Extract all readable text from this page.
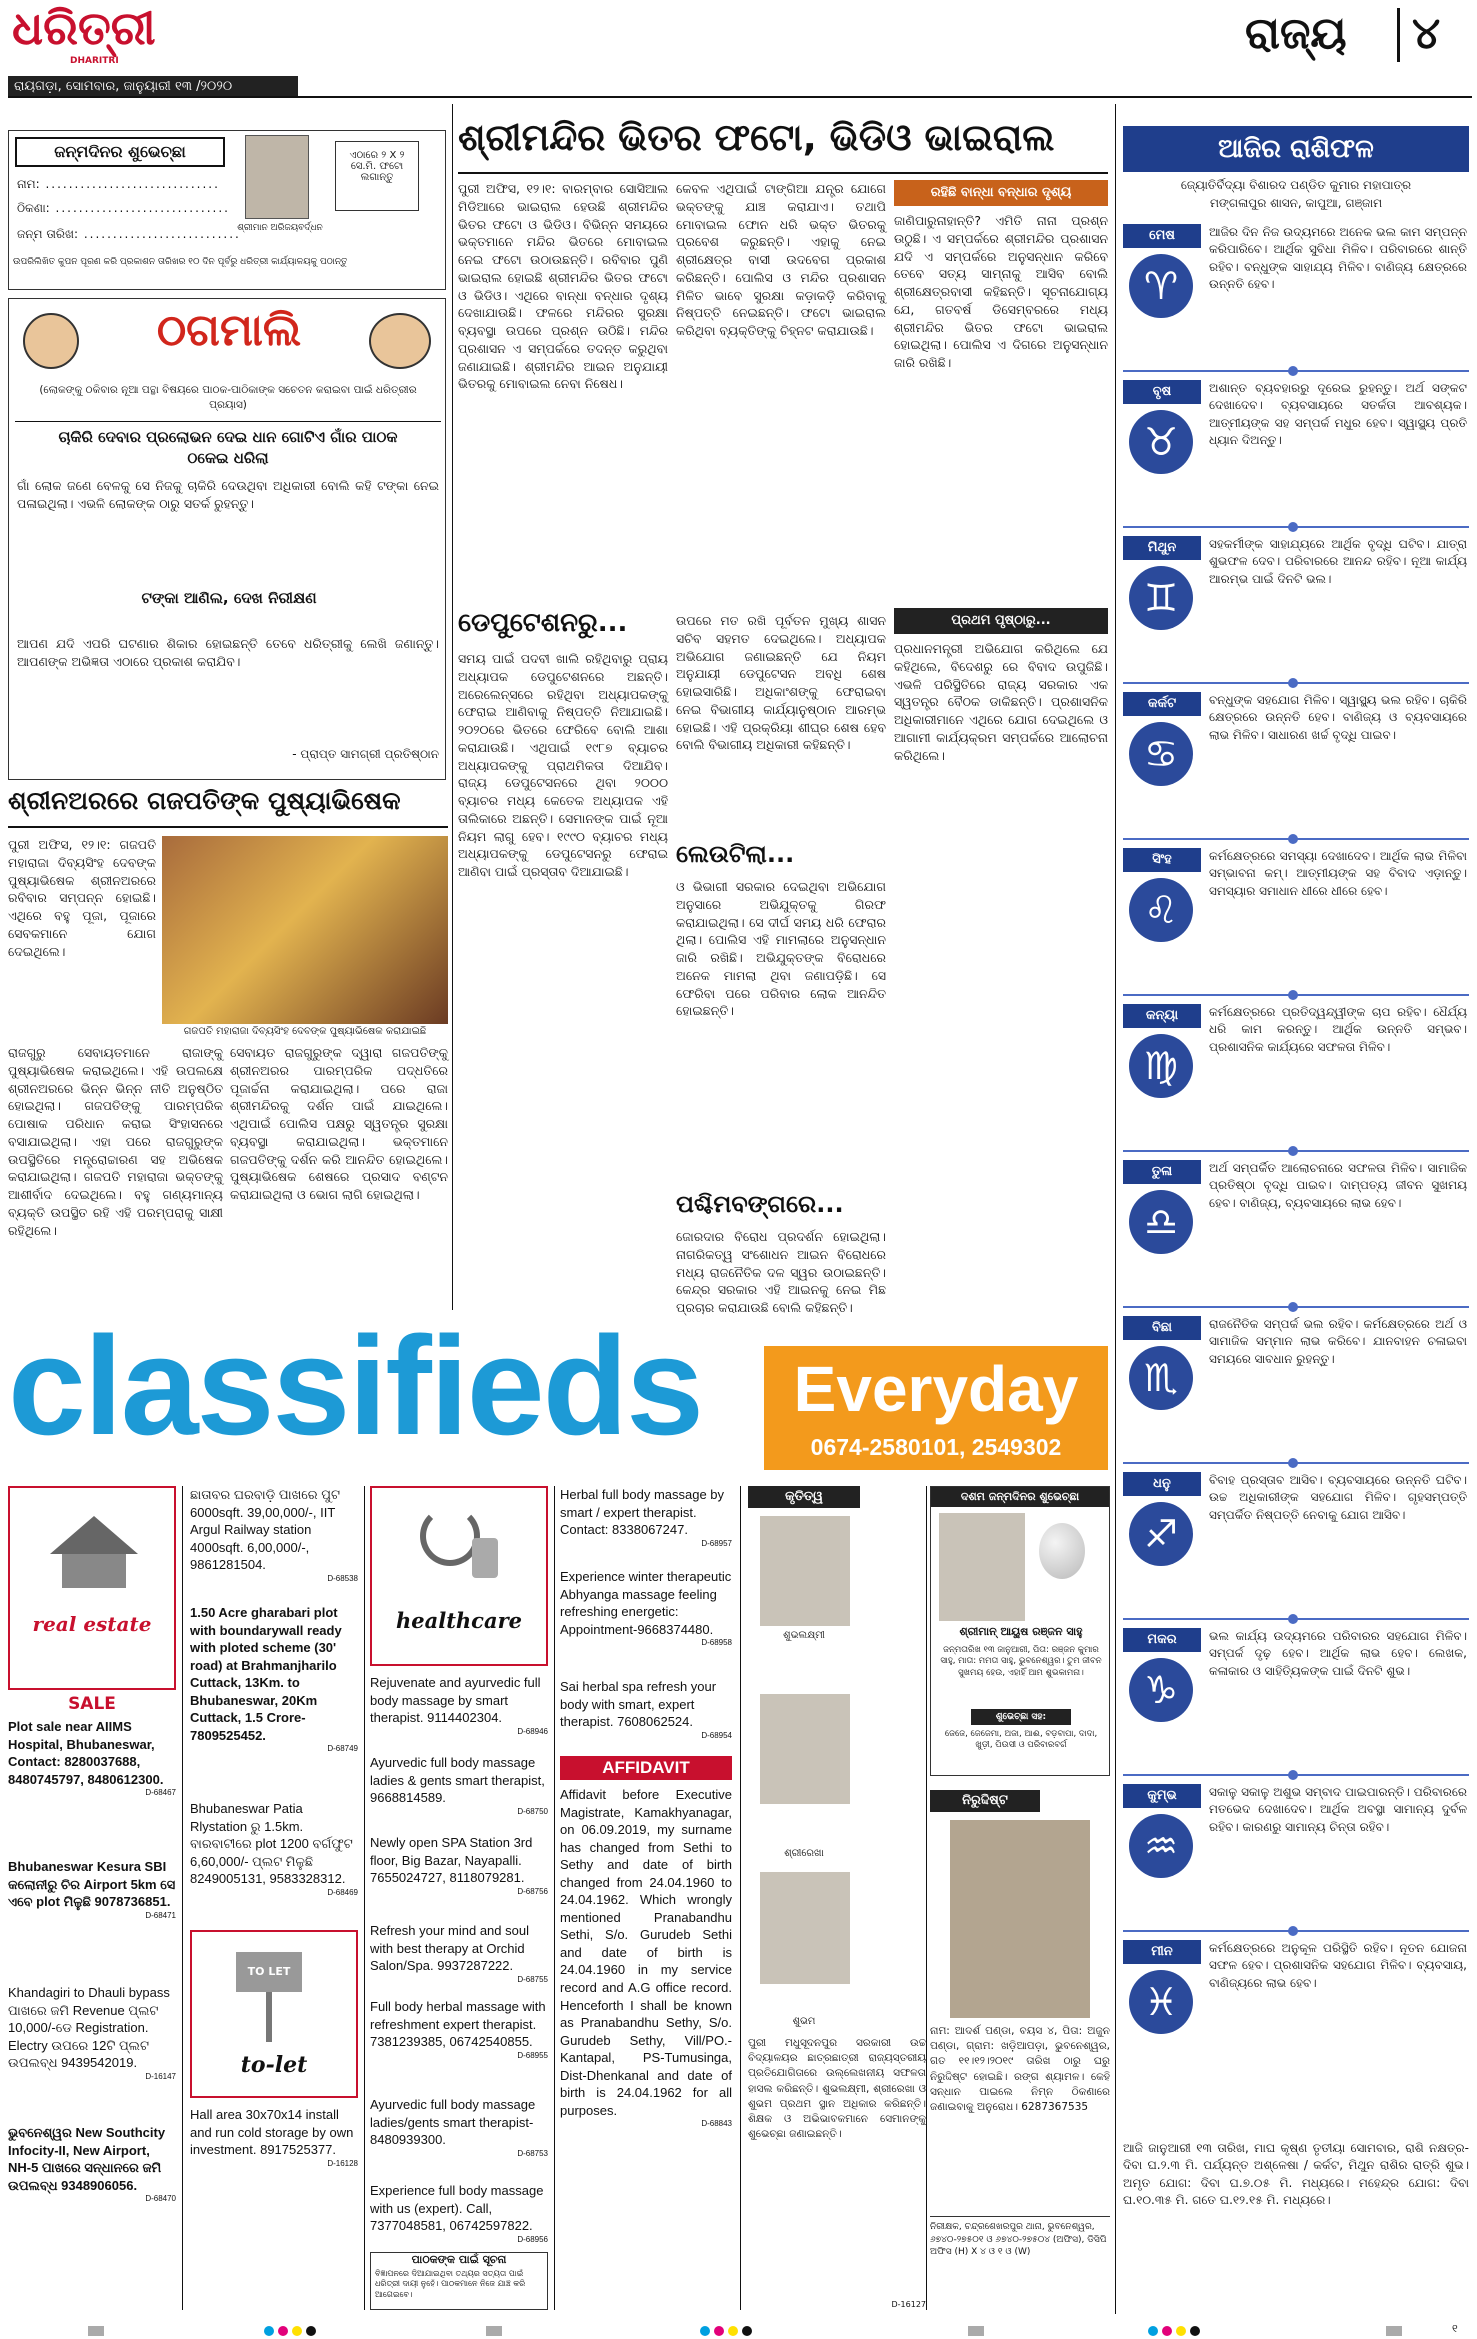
ଧରିତ୍ରୀ
DHARITRI
ରାୟଗଡ଼ା, ସୋମବାର, ଜାନୁୟାରୀ ୧୩ /୨୦୨୦
ରାଜ୍ୟ ୪
ଜନ୍ମଦିନର ଶୁଭେଚ୍ଛା
ଶ୍ରୀମାନ ଅରିଜୟବର୍ଦ୍ଧନ
ଏଠାରେ ୨ X ୨ ସେ.ମି. ଫଟୋ ଲଗାନ୍ତୁ
ନାମ: ..............................
ଠିକଣା: ..............................
ଜନ୍ମ ତାରିଖ: ...........................
ଉପରିଲିଖିତ କୁପନ ପୂରଣ କରି ପ୍ରକାଶନ ତାରିଖର ୧୦ ଦିନ ପୂର୍ବରୁ ଧରିତ୍ରୀ କାର୍ଯ୍ୟାଳୟକୁ ପଠାନ୍ତୁ
ଠଗମାଲି
(ଲୋକଙ୍କୁ ଠକିବାର ନୂଆ ପନ୍ଥା ବିଷୟରେ ପାଠକ-ପାଠିକାଙ୍କ ସଚେତନ କରାଇବା ପାଇଁ ଧରିତ୍ରୀର ପ୍ରୟାସ)
ଚାକିରି ଦେବାର ପ୍ରଲୋଭନ ଦେଇ ଧାନ ଗୋଟିଏ ଗାଁର ପାଠକ ଠକେଇ ଧରିଲା
ଗାଁ ଲୋକ ଜଣେ ବେଳକୁ ସେ ନିଜକୁ ଚାକିରି ଦେଉଥିବା ଅଧିକାରୀ ବୋଲି କହି ଟଙ୍କା ନେଇ ପଳାଇଥିଲା। ଏଭଳି ଲୋକଙ୍କ ଠାରୁ ସତର୍କ ରୁହନ୍ତୁ।
ଟଙ୍କା ଆଣିଲ, ଦେଖ ନିରୀକ୍ଷଣ
ଆପଣ ଯଦି ଏପରି ଘଟଣାର ଶିକାର ହୋଇଛନ୍ତି ତେବେ ଧରିତ୍ରୀକୁ ଲେଖି ଜଣାନ୍ତୁ। ଆପଣଙ୍କ ଅଭିଜ୍ଞତା ଏଠାରେ ପ୍ରକାଶ କରାଯିବ।
- ପ୍ରାପ୍ତ ସାମଗ୍ରୀ ପ୍ରତିଷ୍ଠାନ
ଶ୍ରୀନଅରରେ ଗଜପତିଙ୍କ ପୁଷ୍ୟାଭିଷେକ
ପୁରୀ ଅଫିସ, ୧୨।୧: ଗଜପତି ମହାରାଜା ଦିବ୍ୟସିଂହ ଦେବଙ୍କ ପୁଷ୍ୟାଭିଷେକ ଶ୍ରୀନଅରରେ ରବିବାର ସମ୍ପନ୍ନ ହୋଇଛି। ଏଥିରେ ବହୁ ପୂଜା, ପୂଜାରେ ସେବକମାନେ ଯୋଗ ଦେଇଥିଲେ।
ଗଜପତି ମହାରାଜା ଦିବ୍ୟସିଂହ ଦେବଙ୍କ ପୁଷ୍ୟାଭିଷେକ କରାଯାଇଛି
ରାଜଗୁରୁ ସେବାୟତମାନେ ରାଜାଙ୍କୁ ପୁଷ୍ୟାଭିଷେକ କରାଇଥିଲେ। ଏହି ଉପଲକ୍ଷେ ଶ୍ରୀନଅରରେ ଭିନ୍ନ ଭିନ୍ନ ନୀତି ଅନୁଷ୍ଠିତ ହୋଇଥିଲା। ଗଜପତିଙ୍କୁ ପାରମ୍ପରିକ ପୋଷାକ ପରିଧାନ କରାଇ ସିଂହାସନରେ ବସାଯାଇଥିଲା। ଏହା ପରେ ରାଜଗୁରୁଙ୍କ ଉପସ୍ଥିତିରେ ମନ୍ତ୍ରୋଚ୍ଚାରଣ ସହ ଅଭିଷେକ କରାଯାଇଥିଲା। ଗଜପତି ମହାରାଜା ଭକ୍ତଙ୍କୁ ଆଶୀର୍ବାଦ ଦେଇଥିଲେ। ବହୁ ଗଣ୍ୟମାନ୍ୟ ବ୍ୟକ୍ତି ଉପସ୍ଥିତ ରହି ଏହି ପରମ୍ପରାକୁ ସାକ୍ଷୀ ରହିଥିଲେ।
ସେବାୟତ ରାଜଗୁରୁଙ୍କ ଦ୍ୱାରା ଗଜପତିଙ୍କୁ ଶ୍ରୀନଅରର ପାରମ୍ପରିକ ପଦ୍ଧତିରେ ପୂଜାର୍ଚ୍ଚନା କରାଯାଇଥିଲା। ପରେ ରାଜା ଶ୍ରୀମନ୍ଦିରକୁ ଦର୍ଶନ ପାଇଁ ଯାଇଥିଲେ। ଏଥିପାଇଁ ପୋଲିସ ପକ୍ଷରୁ ସ୍ୱତନ୍ତ୍ର ସୁରକ୍ଷା ବ୍ୟବସ୍ଥା କରାଯାଇଥିଲା। ଭକ୍ତମାନେ ଗଜପତିଙ୍କୁ ଦର୍ଶନ କରି ଆନନ୍ଦିତ ହୋଇଥିଲେ। ପୁଷ୍ୟାଭିଷେକ ଶେଷରେ ପ୍ରସାଦ ବଣ୍ଟନ କରାଯାଇଥିଲା ଓ ଭୋଗ ଲାଗି ହୋଇଥିଲା।
ଶ୍ରୀମନ୍ଦିର ଭିତର ଫଟୋ, ଭିଡିଓ ଭାଇରାଲ
ପୁରୀ ଅଫିସ, ୧୨।୧: ବାରମ୍ବାର ସୋସିଆଲ ମିଡିଆରେ ଭାଇରାଲ ହେଉଛି ଶ୍ରୀମନ୍ଦିର ଭିତର ଫଟୋ ଓ ଭିଡିଓ। ବିଭିନ୍ନ ସମୟରେ ଭକ୍ତମାନେ ମନ୍ଦିର ଭିତରେ ମୋବାଇଲ ନେଇ ଫଟୋ ଉଠାଉଛନ୍ତି। ରବିବାର ପୁଣି ଭାଇରାଲ ହୋଇଛି ଶ୍ରୀମନ୍ଦିର ଭିତର ଫଟୋ ଓ ଭିଡିଓ। ଏଥିରେ ବାନ୍ଧା ବନ୍ଧାର ଦୃଶ୍ୟ ଦେଖାଯାଉଛି। ଫଳରେ ମନ୍ଦିରର ସୁରକ୍ଷା ବ୍ୟବସ୍ଥା ଉପରେ ପ୍ରଶ୍ନ ଉଠିଛି। ମନ୍ଦିର ପ୍ରଶାସନ ଏ ସମ୍ପର୍କରେ ତଦନ୍ତ କରୁଥିବା ଜଣାଯାଇଛି। ଶ୍ରୀମନ୍ଦିର ଆଇନ ଅନୁଯାୟୀ ଭିତରକୁ ମୋବାଇଲ ନେବା ନିଷେଧ।
କେବଳ ଏଥିପାଇଁ ଟାଙ୍ଗିଆ ଯନ୍ତ୍ର ଯୋଗେ ଭକ୍ତଙ୍କୁ ଯାଞ୍ଚ କରାଯାଏ। ତଥାପି ମୋବାଇଲ ଫୋନ ଧରି ଭକ୍ତ ଭିତରକୁ ପ୍ରବେଶ କରୁଛନ୍ତି। ଏହାକୁ ନେଇ ଶ୍ରୀକ୍ଷେତ୍ର ବାସୀ ଉଦବେଗ ପ୍ରକାଶ କରିଛନ୍ତି। ପୋଲିସ ଓ ମନ୍ଦିର ପ୍ରଶାସନ ମିଳିତ ଭାବେ ସୁରକ୍ଷା କଡ଼ାକଡ଼ି କରିବାକୁ ନିଷ୍ପତ୍ତି ନେଇଛନ୍ତି। ଫଟୋ ଭାଇରାଲ କରିଥିବା ବ୍ୟକ୍ତିଙ୍କୁ ଚିହ୍ନଟ କରାଯାଉଛି।
ରହିଛି ବାନ୍ଧା ବନ୍ଧାର ଦୃଶ୍ୟ
ଜାଣିପାରୁନାହାନ୍ତି? ଏମିତି ନାନା ପ୍ରଶ୍ନ ଉଠୁଛି। ଏ ସମ୍ପର୍କରେ ଶ୍ରୀମନ୍ଦିର ପ୍ରଶାସନ ଯଦି ଏ ସମ୍ପର୍କରେ ଅନୁସନ୍ଧାନ କରିବେ ତେବେ ସତ୍ୟ ସାମ୍ନାକୁ ଆସିବ ବୋଲି ଶ୍ରୀକ୍ଷେତ୍ରବାସୀ କହିଛନ୍ତି। ସୂଚନାଯୋଗ୍ୟ ଯେ, ଗତବର୍ଷ ଡିସେମ୍ବରରେ ମଧ୍ୟ ଶ୍ରୀମନ୍ଦିର ଭିତର ଫଟୋ ଭାଇରାଲ ହୋଇଥିଲା। ପୋଲିସ ଏ ଦିଗରେ ଅନୁସନ୍ଧାନ ଜାରି ରଖିଛି।
ଡେପୁଟେଶନରୁ...
ସମୟ ପାଇଁ ପଦବୀ ଖାଲି ରହିଥିବାରୁ ପ୍ରାୟ ଅଧ୍ୟାପକ ଡେପୁଟେଶନରେ ଅଛନ୍ତି। ଅରେଲେନ୍ସରେ ରହିଥିବା ଅଧ୍ୟାପକଙ୍କୁ ଫେରାଇ ଆଣିବାକୁ ନିଷ୍ପତ୍ତି ନିଆଯାଇଛି। ୨୦୨୦ରେ ଭିତରେ ଫେରିବେ ବୋଲି ଆଶା କରାଯାଉଛି। ଏଥିପାଇଁ ୧୯୮୭ ବ୍ୟାଚର ଅଧ୍ୟାପକଙ୍କୁ ପ୍ରାଥମିକତା ଦିଆଯିବ। ରାଜ୍ୟ ଡେପୁଟେସନରେ ଥିବା ୨୦୦୦ ବ୍ୟାଚର ମଧ୍ୟ କେତେକ ଅଧ୍ୟାପକ ଏହି ତାଲିକାରେ ଅଛନ୍ତି। ସେମାନଙ୍କ ପାଇଁ ନୂଆ ନିୟମ ଲାଗୁ ହେବ। ୧୯୯୦ ବ୍ୟାଚର ମଧ୍ୟ ଅଧ୍ୟାପକଙ୍କୁ ଡେପୁଟେସନରୁ ଫେରାଇ ଆଣିବା ପାଇଁ ପ୍ରସ୍ତାବ ଦିଆଯାଇଛି।
ଉପରେ ମତ ରଖି ପୂର୍ବତନ ମୁଖ୍ୟ ଶାସନ ସଚିବ ସହମତ ଦେଇଥିଲେ। ଅଧ୍ୟାପକ ଅଭିଯୋଗ ଜଣାଇଛନ୍ତି ଯେ ନିୟମ ଅନୁଯାୟୀ ଡେପୁଟେସନ ଅବଧି ଶେଷ ହୋଇସାରିଛି। ଅଧିକାଂଶଙ୍କୁ ଫେରାଇବା ନେଇ ବିଭାଗୀୟ କାର୍ଯ୍ୟାନୁଷ୍ଠାନ ଆରମ୍ଭ ହୋଇଛି। ଏହି ପ୍ରକ୍ରିୟା ଶୀଘ୍ର ଶେଷ ହେବ ବୋଲି ବିଭାଗୀୟ ଅଧିକାରୀ କହିଛନ୍ତି।
ପ୍ରଥମ ପୃଷ୍ଠାରୁ...
ପ୍ରଧାନମନ୍ତ୍ରୀ ଅଭିଯୋଗ କରିଥିଲେ ଯେ କହିଥିଲେ, ବିଦେଶରୁ ରେ ବିବାଦ ଉପୁଜିଛି। ଏଭଳି ପରିସ୍ଥିତିରେ ରାଜ୍ୟ ସରକାର ଏକ ସ୍ୱତନ୍ତ୍ର ବୈଠକ ଡାକିଛନ୍ତି। ପ୍ରଶାସନିକ ଅଧିକାରୀମାନେ ଏଥିରେ ଯୋଗ ଦେଇଥିଲେ ଓ ଆଗାମୀ କାର୍ଯ୍ୟକ୍ରମ ସମ୍ପର୍କରେ ଆଲୋଚନା କରିଥିଲେ।
ଲେଉଟିଲା...
ଓ ଭିଭାଗୀ ସରକାର ଦେଇଥିବା ଅଭିଯୋଗ ଅନୁସାରେ ଅଭିଯୁକ୍ତକୁ ଗିରଫ କରାଯାଇଥିଲା। ସେ ଦୀର୍ଘ ସମୟ ଧରି ଫେରାର ଥିଲା। ପୋଲିସ ଏହି ମାମଲାରେ ଅନୁସନ୍ଧାନ ଜାରି ରଖିଛି। ଅଭିଯୁକ୍ତଙ୍କ ବିରୋଧରେ ଅନେକ ମାମଲା ଥିବା ଜଣାପଡ଼ିଛି। ସେ ଫେରିବା ପରେ ପରିବାର ଲୋକ ଆନନ୍ଦିତ ହୋଇଛନ୍ତି।
ପଶ୍ଚିମବଙ୍ଗରେ...
ଜୋରଦାର ବିରୋଧ ପ୍ରଦର୍ଶନ ହୋଇଥିଲା। ନାଗରିକତ୍ୱ ସଂଶୋଧନ ଆଇନ ବିରୋଧରେ ମଧ୍ୟ ରାଜନୈତିକ ଦଳ ସ୍ୱର ଉଠାଇଛନ୍ତି। କେନ୍ଦ୍ର ସରକାର ଏହି ଆଇନକୁ ନେଇ ମିଛ ପ୍ରଚାର କରାଯାଉଛି ବୋଲି କହିଛନ୍ତି।
ଆଜିର ରାଶିଫଳ
ଜ୍ୟୋତିର୍ବିଦ୍ୟା ବିଶାରଦ ପଣ୍ଡିତ କୁମାର ମହାପାତ୍ର
ମଙ୍ଗଳାପୁର ଶାସନ, କାପୁଆ, ଗଞ୍ଜାମ
ମେଷ
♈
ଆଜିର ଦିନ ନିଜ ଉଦ୍ୟମରେ ଅନେକ ଭଲ କାମ ସମ୍ପନ୍ନ କରିପାରିବେ। ଆର୍ଥିକ ସୁବିଧା ମିଳିବ। ପରିବାରରେ ଶାନ୍ତି ରହିବ। ବନ୍ଧୁଙ୍କ ସାହାଯ୍ୟ ମିଳିବ। ବାଣିଜ୍ୟ କ୍ଷେତ୍ରରେ ଉନ୍ନତି ହେବ।
ବୃଷ
♉
ଅଶାନ୍ତ ବ୍ୟବହାରରୁ ଦୂରେଇ ରୁହନ୍ତୁ। ଅର୍ଥ ସଙ୍କଟ ଦେଖାଦେବ। ବ୍ୟବସାୟରେ ସତର୍କତା ଆବଶ୍ୟକ। ଆତ୍ମୀୟଙ୍କ ସହ ସମ୍ପର୍କ ମଧୁର ହେବ। ସ୍ୱାସ୍ଥ୍ୟ ପ୍ରତି ଧ୍ୟାନ ଦିଅନ୍ତୁ।
ମିଥୁନ
♊
ସହକର୍ମୀଙ୍କ ସାହାଯ୍ୟରେ ଆର୍ଥିକ ବୃଦ୍ଧି ଘଟିବ। ଯାତ୍ରା ଶୁଭଫଳ ଦେବ। ପରିବାରରେ ଆନନ୍ଦ ରହିବ। ନୂଆ କାର୍ଯ୍ୟ ଆରମ୍ଭ ପାଇଁ ଦିନଟି ଭଲ।
କର୍କଟ
♋
ବନ୍ଧୁଙ୍କ ସହଯୋଗ ମିଳିବ। ସ୍ୱାସ୍ଥ୍ୟ ଭଲ ରହିବ। ଚାକିରି କ୍ଷେତ୍ରରେ ଉନ୍ନତି ହେବ। ବାଣିଜ୍ୟ ଓ ବ୍ୟବସାୟରେ ଲାଭ ମିଳିବ। ସାଧାରଣ ଖର୍ଚ୍ଚ ବୃଦ୍ଧି ପାଇବ।
ସିଂହ
♌
କର୍ମକ୍ଷେତ୍ରରେ ସମସ୍ୟା ଦେଖାଦେବ। ଆର୍ଥିକ ଲାଭ ମିଳିବା ସମ୍ଭାବନା କମ୍। ଆତ୍ମୀୟଙ୍କ ସହ ବିବାଦ ଏଡ଼ାନ୍ତୁ। ସମସ୍ୟାର ସମାଧାନ ଧୀରେ ଧୀରେ ହେବ।
କନ୍ୟା
♍
କର୍ମକ୍ଷେତ୍ରରେ ପ୍ରତିଦ୍ୱନ୍ଦ୍ୱୀଙ୍କ ଚାପ ରହିବ। ଧୈର୍ଯ୍ୟ ଧରି କାମ କରନ୍ତୁ। ଆର୍ଥିକ ଉନ୍ନତି ସମ୍ଭବ। ପ୍ରଶାସନିକ କାର୍ଯ୍ୟରେ ସଫଳତା ମିଳିବ।
ତୁଳା
♎
ଅର୍ଥ ସମ୍ପର୍କିତ ଆଲୋଚନାରେ ସଫଳତା ମିଳିବ। ସାମାଜିକ ପ୍ରତିଷ୍ଠା ବୃଦ୍ଧି ପାଇବ। ଦାମ୍ପତ୍ୟ ଜୀବନ ସୁଖମୟ ହେବ। ବାଣିଜ୍ୟ, ବ୍ୟବସାୟରେ ଲାଭ ହେବ।
ବିଛା
♏
ରାଜନୈତିକ ସମ୍ପର୍କ ଭଲ ରହିବ। କର୍ମକ୍ଷେତ୍ରରେ ଅର୍ଥ ଓ ସାମାଜିକ ସମ୍ମାନ ଲାଭ କରିବେ। ଯାନବାହନ ଚଳାଇବା ସମୟରେ ସାବଧାନ ରୁହନ୍ତୁ।
ଧନୁ
♐
ବିବାହ ପ୍ରସ୍ତାବ ଆସିବ। ବ୍ୟବସାୟରେ ଉନ୍ନତି ଘଟିବ। ଉଚ୍ଚ ଅଧିକାରୀଙ୍କ ସହଯୋଗ ମିଳିବ। ଗୃହସମ୍ପତ୍ତି ସମ୍ପର୍କିତ ନିଷ୍ପତ୍ତି ନେବାକୁ ଯୋଗ ଆସିବ।
ମକର
♑
ଭଲ କାର୍ଯ୍ୟ ଉଦ୍ୟମରେ ପରିବାରର ସହଯୋଗ ମିଳିବ। ସମ୍ପର୍କ ଦୃଢ଼ ହେବ। ଆର୍ଥିକ ଲାଭ ହେବ। ଲେଖକ, କଳାକାର ଓ ସାହିତ୍ୟିକଙ୍କ ପାଇଁ ଦିନଟି ଶୁଭ।
କୁମ୍ଭ
♒
ସକାଳୁ ସକାଳୁ ଅଶୁଭ ସମ୍ବାଦ ପାଇପାରନ୍ତି। ପରିବାରରେ ମତଭେଦ ଦେଖାଦେବ। ଆର୍ଥିକ ଅବସ୍ଥା ସାମାନ୍ୟ ଦୁର୍ବଳ ରହିବ। କାରଣରୁ ସାମାନ୍ୟ ଚିନ୍ତା ରହିବ।
ମୀନ
♓
କର୍ମକ୍ଷେତ୍ରରେ ଅନୁକୂଳ ପରିସ୍ଥିତି ରହିବ। ନୂତନ ଯୋଜନା ସଫଳ ହେବ। ପ୍ରଶାସନିକ ସହଯୋଗ ମିଳିବ। ବ୍ୟବସାୟ, ବାଣିଜ୍ୟରେ ଲାଭ ହେବ।
ଆଜି ଜାନୁଆରୀ ୧୩ ତାରିଖ, ମାଘ କୃଷ୍ଣ ତୃତୀୟା ସୋମବାର, ରାଶି ନକ୍ଷତ୍ର-ଦିବା ଘ.୨.୩ ମି. ପର୍ଯ୍ୟନ୍ତ ଅଶ୍ଳେଷା / କର୍କଟ, ମିଥୁନ ରାଶିର ରାତ୍ରି ଶୁଭ। ଅମୃତ ଯୋଗ: ଦିବା ଘ.୭.୦୫ ମି. ମଧ୍ୟରେ। ମହେନ୍ଦ୍ର ଯୋଗ: ଦିବା ଘ.୧୦.୩୫ ମି. ଗତେ ଘ.୧୨.୧୫ ମି. ମଧ୍ୟରେ।
classifieds	Everyday
0674-2580101, 2549302
real estate
SALE
Plot sale near AIIMS Hospital, Bhubaneswar, Contact: 8280037688, 8480745797, 8480612300.
D-68467
Bhubaneswar Kesura SBI କଲୋନୀରୁ ଚିର Airport 5km ସେ ଏବେ plot ମିଳୁଛି 9078736851.
D-68471
Khandagiri to Dhauli bypass ପାଖରେ ଜମି Revenue ପ୍ଲଟ 10,000/-ଡେ Registration. Electry ଉପରେ 12ଟି ପ୍ଲଟ ଉପଲବ୍ଧ 9439542019.
D-16147
ଭୁବନେଶ୍ୱର New Southcity Infocity-II, New Airport, NH-5 ପାଖରେ ସନ୍ଧାନରେ ଜମି ଉପଲବ୍ଧ 9348906056.
D-68470
ଛାତାବର ଘରବାଡ଼ି ପାଖରେ ପୁଟ 6000sqft. 39,00,000/-, IIT Argul Railway station 4000sqft. 6,00,000/-, 9861281504.
D-68538
1.50 Acre gharabari plot with boundarywall ready with ploted scheme (30' road) at Brahmanjharilo Cuttack, 13Km. to Bhubaneswar, 20Km Cuttack, 1.5 Crore-7809525452.
D-68749
Bhubaneswar Patia Rlystation ରୁ 1.5km. ବାରବାଟୀରେ plot 1200 ବର୍ଗଫୁଟ 6,60,000/- ପ୍ଲଟ ମିଳୁଛି 8249005131, 9583328312.
D-68469
TO LET
to-let
Hall area 30x70x14 install and run cold storage by own investment. 8917525377.
D-16128
healthcare
Rejuvenate and ayurvedic full body massage by smart therapist. 9114402304.
D-68946
Ayurvedic full body massage ladies & gents smart therapist, 9668814589.
D-68750
Newly open SPA Station 3rd floor, Big Bazar, Nayapalli. 7655024727, 8118079281.
D-68756
Refresh your mind and soul with best therapy at Orchid Salon/Spa. 9937287222.
D-68755
Full body herbal massage with refreshment expert therapist. 7381239385, 06742540855.
D-68955
Ayurvedic full body massage ladies/gents smart therapist-8480939300.
D-68753
Experience full body massage with us (expert). Call, 7377048581, 06742597822.
D-68956
ପାଠକଙ୍କ ପାଇଁ ସୂଚନା
ବିଜ୍ଞାପନରେ ଦିଆଯାଇଥିବା ତଥ୍ୟର ସତ୍ୟତା ପାଇଁ ଧରିତ୍ରୀ ଦାୟୀ ନୁହେଁ। ପାଠକମାନେ ନିଜେ ଯାଞ୍ଚ କରି ଆଗେଇବେ।
Herbal full body massage by smart / expert therapist. Contact: 8338067247.
D-68957
Experience winter therapeutic Abhyanga massage feeling refreshing energetic: Appointment-9668374480.
D-68958
Sai herbal spa refresh your body with smart, expert therapist. 7608062524.
D-68954
AFFIDAVIT
Affidavit before Executive Magistrate, Kamakhyanagar, on 06.09.2019, my surname has changed from Sethi to Sethy and date of birth changed from 24.04.1960 to 24.04.1962. Which wrongly mentioned Pranabandhu Sethi, S/o. Gurudeb Sethi and date of birth is 24.04.1960 in my service record and A.G office record. Henceforth I shall be known as Pranabandhu Sethy, S/o. Gurudeb Sethy, Vill/PO.-Kantapal, PS-Tumusinga, Dist-Dhenkanal and date of birth is 24.04.1962 for all purposes.
D-68843
କୃତିତ୍ୱ
ଶୁଭଲକ୍ଷ୍ମୀ
ଶ୍ରୀରେଖା
ଶୁଭମ
ପୁରୀ ମଧୁସୂଦନପୁର ସରକାରୀ ଉଚ୍ଚ ବିଦ୍ୟାଳୟର ଛାତ୍ରଛାତ୍ରୀ ରାଜ୍ୟସ୍ତରୀୟ ପ୍ରତିଯୋଗିତାରେ ଉଲ୍ଲେଖନୀୟ ସଫଳତା ହାସଲ କରିଛନ୍ତି। ଶୁଭଲକ୍ଷ୍ମୀ, ଶ୍ରୀରେଖା ଓ ଶୁଭମ ପ୍ରଥମ ସ୍ଥାନ ଅଧିକାର କରିଛନ୍ତି। ଶିକ୍ଷକ ଓ ଅଭିଭାବକମାନେ ସେମାନଙ୍କୁ ଶୁଭେଚ୍ଛା ଜଣାଇଛନ୍ତି।
D-16127
ଦଶମ ଜନ୍ମଦିନର ଶୁଭେଚ୍ଛା
ଶ୍ରୀମାନ୍ ଆୟୁଷ ରଞ୍ଜନ ସାହୁ
ଜନ୍ମତାରିଖ ୧୩ ଜାନୁଆରୀ, ପିତା: ରଞ୍ଜନ କୁମାର ସାହୁ, ମାତା: ମମତା ସାହୁ, ଭୁବନେଶ୍ୱର। ତୁମ ଜୀବନ ସୁଖମୟ ହେଉ, ଏହାହିଁ ଆମ ଶୁଭକାମନା।
ଶୁଭେଚ୍ଛା ସହ:
ଜେଜେ, ଜେଜେମା, ଅଜା, ଆଈ, ବଡ଼ବାପା, ଦାଦା, ଖୁଡ଼ୀ, ପିଉସୀ ଓ ପରିବାରବର୍ଗ
ନିରୁଦ୍ଦିଷ୍ଟ
ନାମ: ଆଦର୍ଶ ପଣ୍ଡା, ବୟସ ୪, ପିତା: ଅଜୁନ ପଣ୍ଡା, ଗ୍ରାମ: ଖଡ଼ିଆପଡ଼ା, ଭୁବନେଶ୍ୱର, ଗତ ୧୧।୧୨।୨୦୧୯ ତାରିଖ ଠାରୁ ଘରୁ ନିରୁଦ୍ଦିଷ୍ଟ ହୋଇଛି। ରଙ୍ଗ ଶ୍ୟାମଳ। କେହି ସନ୍ଧାନ ପାଇଲେ ନିମ୍ନ ଠିକଣାରେ ଜଣାଇବାକୁ ଅନୁରୋଧ। 6287367535
ନିରୀକ୍ଷକ, ଚନ୍ଦ୍ରଶେଖରପୁର ଥାନା, ଭୁବନେଶ୍ୱର, ୬୭୪୦-୨୭୫୦୧ ଓ ୬୭୪୦-୨୭୫୦୪ (ଅଫିସ), ଡିସିପି ଅଫିସ (H) X ୪ ଓ ୧ ଓ (W)
୧
